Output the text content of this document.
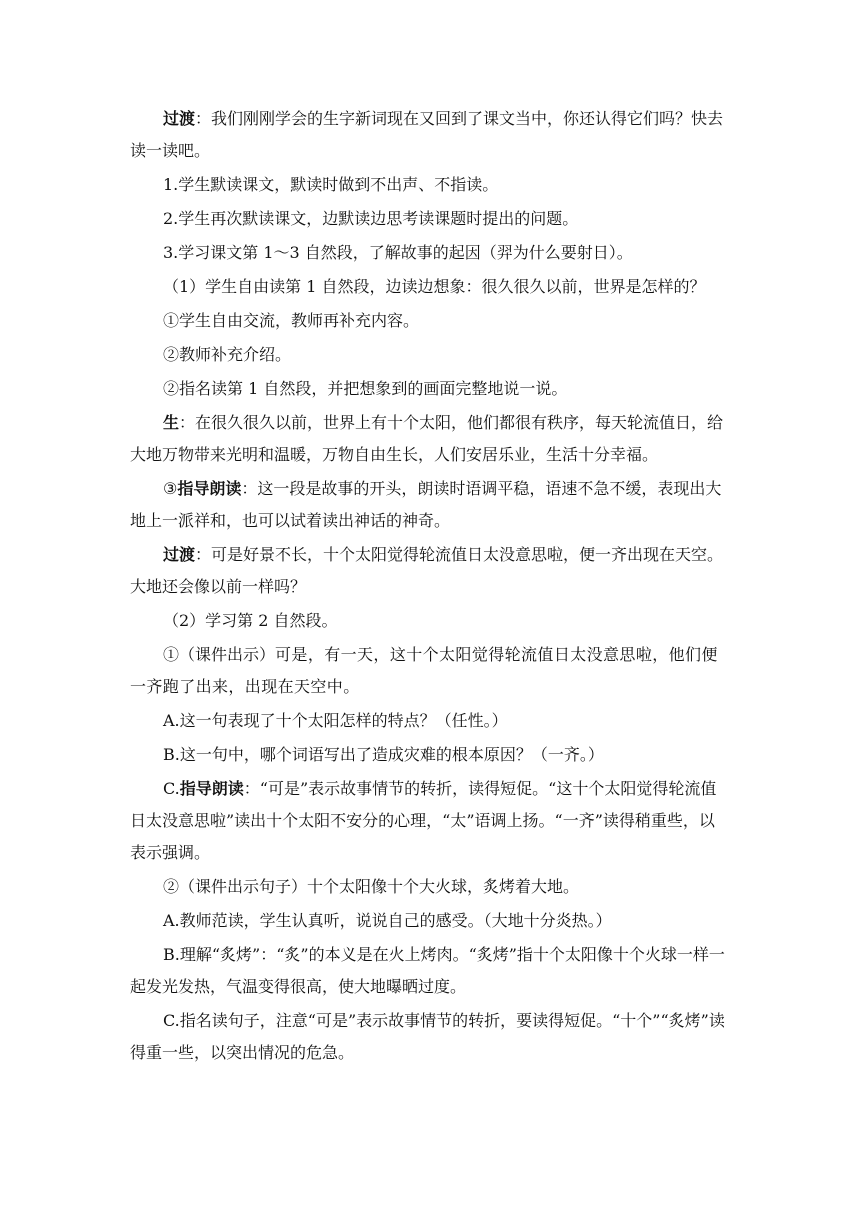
过渡：我们刚刚学会的生字新词现在又回到了课文当中，你还认得它们吗？快去读一读吧。

1.学生默读课文，默读时做到不出声、不指读。

2.学生再次默读课文，边默读边思考读课题时提出的问题。

3.学习课文第 1～3 自然段，了解故事的起因（羿为什么要射日）。

（1）学生自由读第 1 自然段，边读边想象：很久很久以前，世界是怎样的？

①学生自由交流，教师再补充内容。

②教师补充介绍。

②指名读第 1 自然段，并把想象到的画面完整地说一说。

生：在很久很久以前，世界上有十个太阳，他们都很有秩序，每天轮流值日，给大地万物带来光明和温暖，万物自由生长，人们安居乐业，生活十分幸福。

③指导朗读：这一段是故事的开头，朗读时语调平稳，语速不急不缓，表现出大地上一派祥和，也可以试着读出神话的神奇。

过渡：可是好景不长，十个太阳觉得轮流值日太没意思啦，便一齐出现在天空。大地还会像以前一样吗？

（2）学习第 2 自然段。

①（课件出示）可是，有一天，这十个太阳觉得轮流值日太没意思啦，他们便一齐跑了出来，出现在天空中。

A.这一句表现了十个太阳怎样的特点？（任性。）

B.这一句中，哪个词语写出了造成灾难的根本原因？（一齐。）

C.指导朗读：“可是”表示故事情节的转折，读得短促。“这十个太阳觉得轮流值日太没意思啦”读出十个太阳不安分的心理，“太”语调上扬。“一齐”读得稍重些，以表示强调。

②（课件出示句子）十个太阳像十个大火球，炙烤着大地。

A.教师范读，学生认真听，说说自己的感受。（大地十分炎热。）

B.理解“炙烤”：“炙”的本义是在火上烤肉。“炙烤”指十个太阳像十个火球一样一起发光发热，气温变得很高，使大地曝晒过度。

C.指名读句子，注意“可是”表示故事情节的转折，要读得短促。“十个”“炙烤”读得重一些，以突出情况的危急。
